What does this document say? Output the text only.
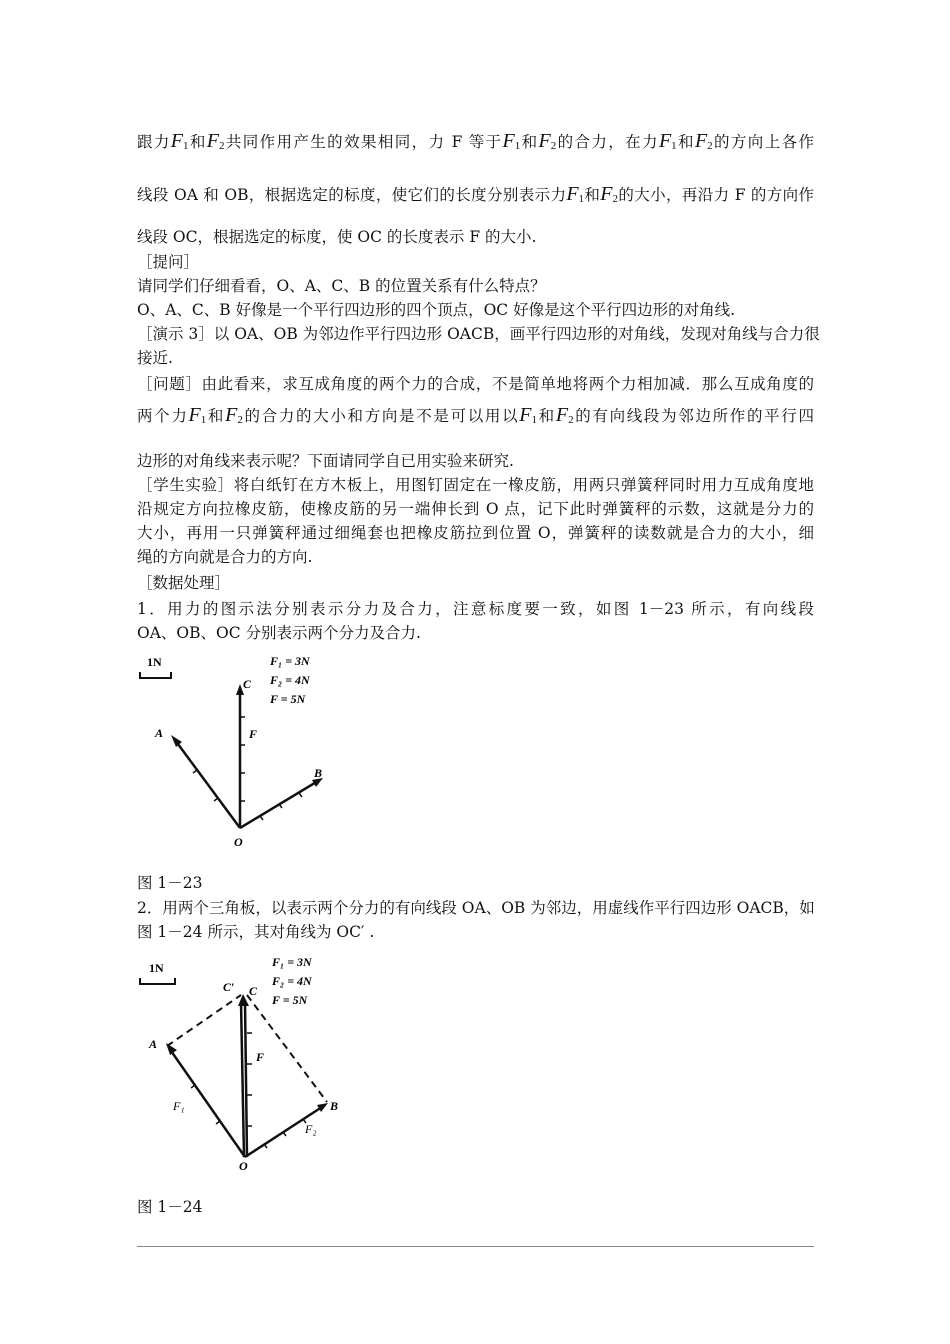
跟力$F_1$和$F_2$共同作用产生的效果相同，力 F 等于$F_1$和$F_2$的合力，在力$F_1$和$F_2$的方向上各作
线段 OA 和 OB，根据选定的标度，使它们的长度分别表示力$F_1$和$F_2$的大小，再沿力 F 的方向作
线段 OC，根据选定的标度，使 OC 的长度表示 F 的大小.
［提问］
请同学们仔细看看，O、A、C、B 的位置关系有什么特点？
O、A、C、B 好像是一个平行四边形的四个顶点，OC 好像是这个平行四边形的对角线.
［演示 3］以 OA、OB 为邻边作平行四边形 OACB，画平行四边形的对角线，发现对角线与合力很
接近.
［问题］由此看来，求互成角度的两个力的合成，不是简单地将两个力相加减．那么互成角度的
两个力$F_1$和$F_2$的合力的大小和方向是不是可以用以$F_1$和$F_2$的有向线段为邻边所作的平行四
边形的对角线来表示呢？下面请同学自已用实验来研究.
［学生实验］将白纸钉在方木板上，用图钉固定在一橡皮筋，用两只弹簧秤同时用力互成角度地
沿规定方向拉橡皮筋，使橡皮筋的另一端伸长到 O 点，记下此时弹簧秤的示数，这就是分力的
大小，再用一只弹簧秤通过细绳套也把橡皮筋拉到位置 O，弹簧秤的读数就是合力的大小，细
绳的方向就是合力的方向.
［数据处理］
1．用力的图示法分别表示分力及合力，注意标度要一致，如图 1－23 所示，有向线段
OA、OB、OC 分别表示两个分力及合力.
1N	F₁ = 3N
F₂ = 4N
F = 5N
C
A
B
O
F
图 1－23
2．用两个三角板，以表示两个分力的有向线段 OA、OB 为邻边，用虚线作平行四边形 OACB，如
图 1－24 所示，其对角线为 OC′ .
1N	F₁ = 3N
F₂ = 4N
F = 5N
C′ C
A
B
O
F
F₁
F₂
图 1－24
